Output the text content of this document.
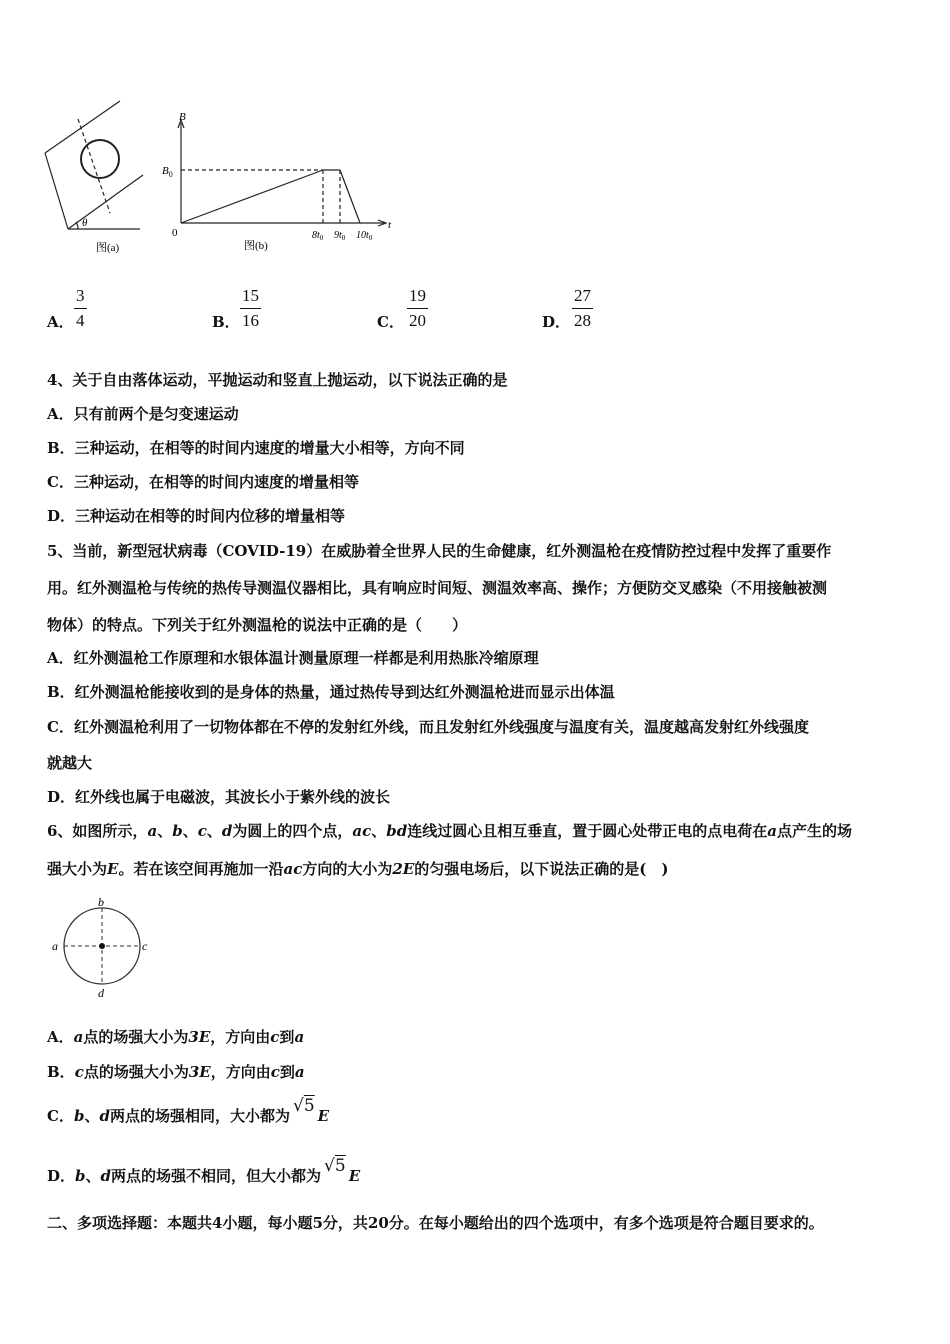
θ
图(a)
B
t
$B_0$
0	$8t_0$ $9t_0$ $10t_0$
图(b)
A． $\frac{3}{4}$	B． $\frac{15}{16}$	C． $\frac{19}{20}$	D． $\frac{27}{28}$
4、关于自由落体运动，平抛运动和竖直上抛运动，以下说法正确的是
A．只有前两个是匀变速运动
B．三种运动，在相等的时间内速度的增量大小相等，方向不同
C．三种运动，在相等的时间内速度的增量相等
D．三种运动在相等的时间内位移的增量相等
5、当前，新型冠状病毒（COVID-19）在威胁着全世界人民的生命健康，红外测温枪在疫情防控过程中发挥了重要作
用。红外测温枪与传统的热传导测温仪器相比，具有响应时间短、测温效率高、操作；方便防交叉感染（不用接触被测
物体）的特点。下列关于红外测温枪的说法中正确的是（　　）
A．红外测温枪工作原理和水银体温计测量原理一样都是利用热胀冷缩原理
B．红外测温枪能接收到的是身体的热量，通过热传导到达红外测温枪进而显示出体温
C．红外测温枪利用了一切物体都在不停的发射红外线，而且发射红外线强度与温度有关，温度越高发射红外线强度
就越大
D．红外线也属于电磁波，其波长小于紫外线的波长
6、如图所示，a、b、c、d为圆上的四个点，ac、bd连线过圆心且相互垂直，置于圆心处带正电的点电荷在a点产生的场
强大小为E。若在该空间再施加一沿ac方向的大小为2E的匀强电场后，以下说法正确的是(　)
b
a	c
d
A．a点的场强大小为3E，方向由c到a
B．c点的场强大小为3E，方向由c到a
C．b、d两点的场强相同，大小都为 √5 E
D．b、d两点的场强不相同，但大小都为 √5 E
二、多项选择题：本题共4小题，每小题5分，共20分。在每小题给出的四个选项中，有多个选项是符合题目要求的。
